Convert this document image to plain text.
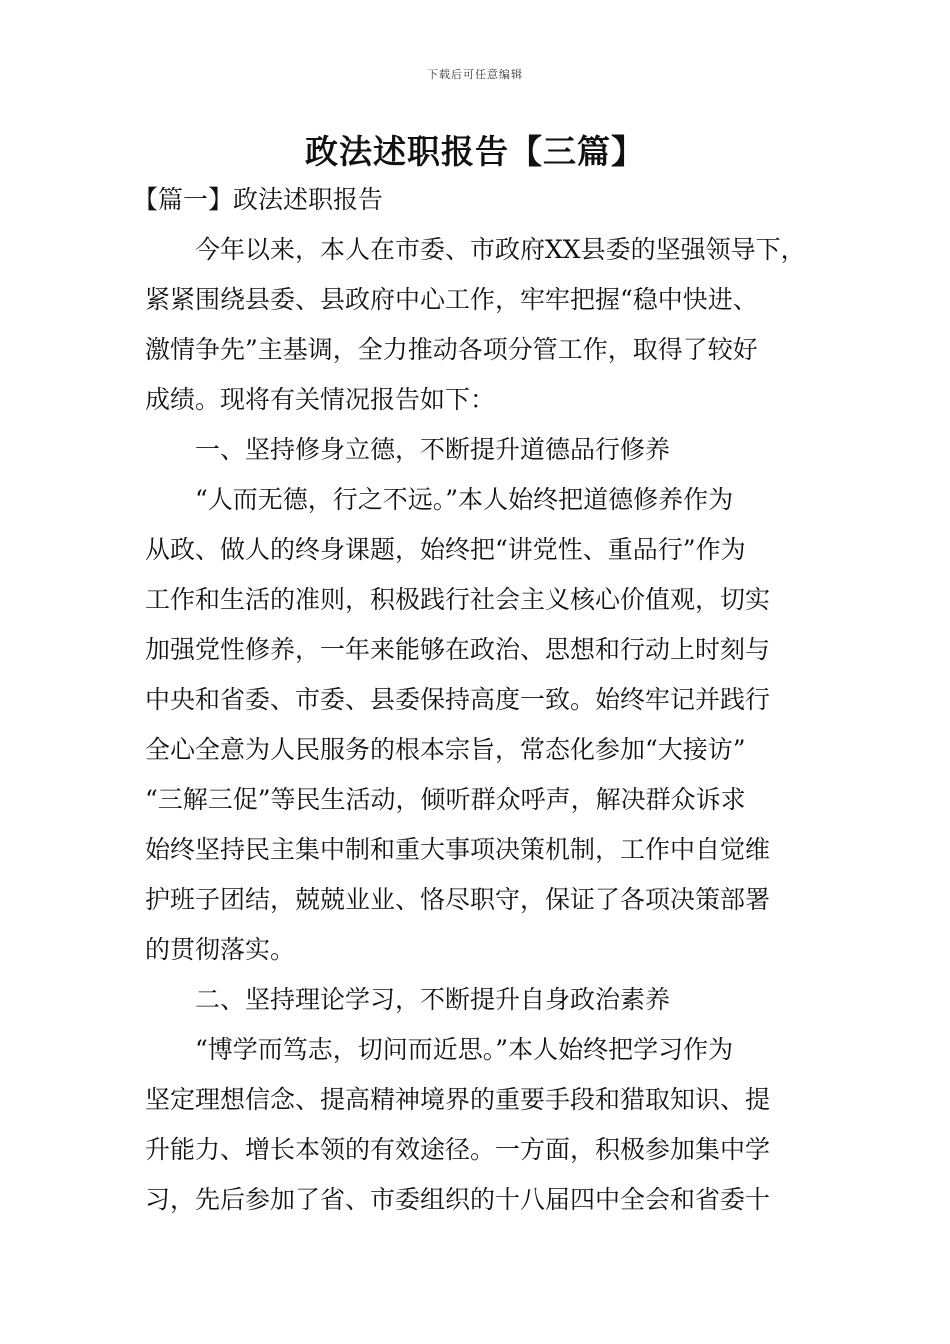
下载后可任意编辑
政法述职报告【三篇】

【篇一】政法述职报告

今年以来，本人在市委、市政府XX县委的坚强领导下，

紧紧围绕县委、县政府中心工作，牢牢把握“稳中快进、

激情争先”主基调，全力推动各项分管工作，取得了较好

成绩。现将有关情况报告如下：

一、坚持修身立德，不断提升道德品行修养

“人而无德，行之不远。”本人始终把道德修养作为

从政、做人的终身课题，始终把“讲党性、重品行”作为

工作和生活的准则，积极践行社会主义核心价值观，切实

加强党性修养，一年来能够在政治、思想和行动上时刻与

中央和省委、市委、县委保持高度一致。始终牢记并践行

全心全意为人民服务的根本宗旨，常态化参加“大接访”

“三解三促”等民生活动，倾听群众呼声，解决群众诉求

始终坚持民主集中制和重大事项决策机制，工作中自觉维

护班子团结，兢兢业业、恪尽职守，保证了各项决策部署

的贯彻落实。

二、坚持理论学习，不断提升自身政治素养

“博学而笃志，切问而近思。”本人始终把学习作为

坚定理想信念、提高精神境界的重要手段和猎取知识、提

升能力、增长本领的有效途径。一方面，积极参加集中学

习，先后参加了省、市委组织的十八届四中全会和省委十
